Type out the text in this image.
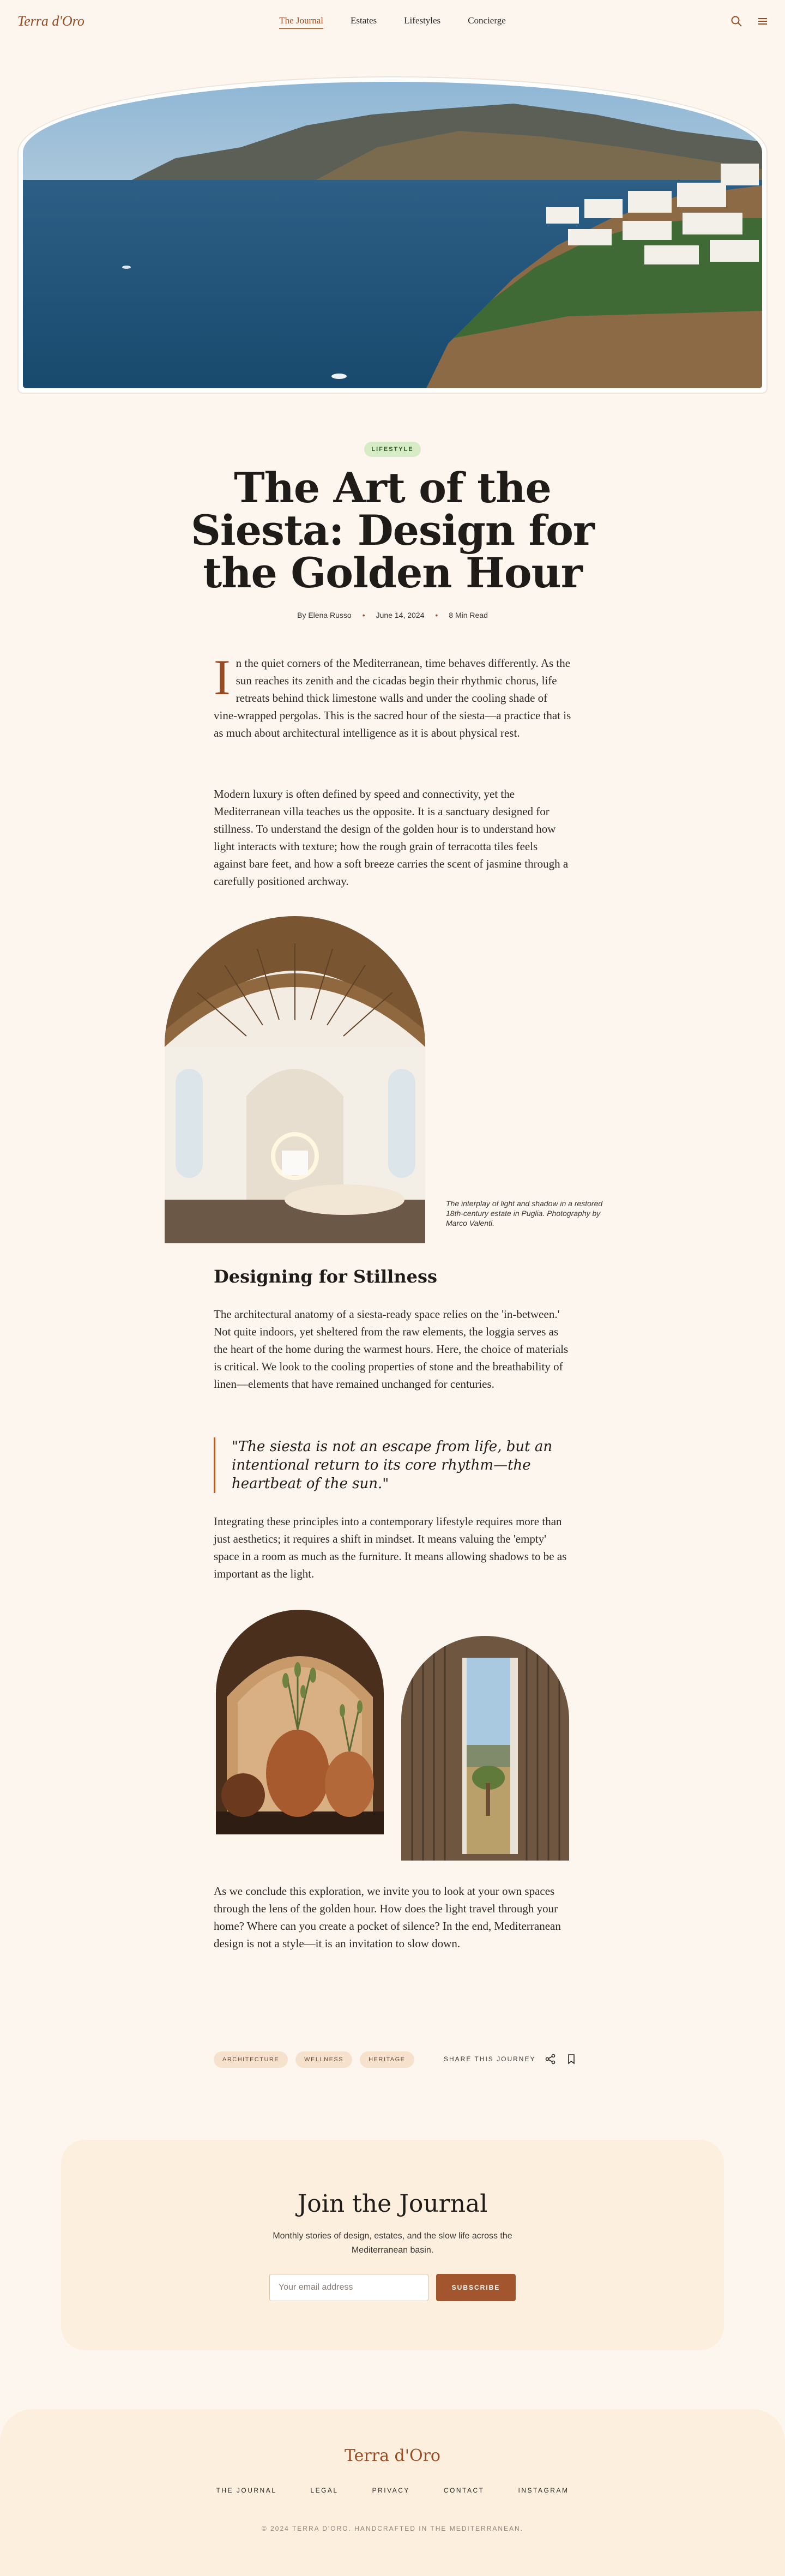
Terra d'Oro	The Journal	Estates	Lifestyles	Concierge
LIFESTYLE
The Art of the Siesta: Design for the Golden Hour
By Elena Russo • June 14, 2024 • 8 Min Read

In the quiet corners of the Mediterranean, time behaves differently. As the sun reaches its zenith and the cicadas begin their rhythmic chorus, life retreats behind thick limestone walls and under the cooling shade of vine-wrapped pergolas. This is the sacred hour of the siesta—a practice that is as much about architectural intelligence as it is about physical rest.

Modern luxury is often defined by speed and connectivity, yet the Mediterranean villa teaches us the opposite. It is a sanctuary designed for stillness. To understand the design of the golden hour is to understand how light interacts with texture; how the rough grain of terracotta tiles feels against bare feet, and how a soft breeze carries the scent of jasmine through a carefully positioned archway.

The interplay of light and shadow in a restored 18th-century estate in Puglia. Photography by Marco Valenti.
Designing for Stillness

The architectural anatomy of a siesta-ready space relies on the 'in-between.' Not quite indoors, yet sheltered from the raw elements, the loggia serves as the heart of the home during the warmest hours. Here, the choice of materials is critical. We look to the cooling properties of stone and the breathability of linen—elements that have remained unchanged for centuries.

"The siesta is not an escape from life, but an intentional return to its core rhythm—the heartbeat of the sun."

Integrating these principles into a contemporary lifestyle requires more than just aesthetics; it requires a shift in mindset. It means valuing the 'empty' space in a room as much as the furniture. It means allowing shadows to be as important as the light.

As we conclude this exploration, we invite you to look at your own spaces through the lens of the golden hour. How does the light travel through your home? Where can you create a pocket of silence? In the end, Mediterranean design is not a style—it is an invitation to slow down.

ARCHITECTURE	WELLNESS	HERITAGE	SHARE THIS JOURNEY
Join the Journal
Monthly stories of design, estates, and the slow life across the Mediterranean basin.
Your email address	SUBSCRIBE
Terra d'Oro
THE JOURNAL	LEGAL	PRIVACY	CONTACT	INSTAGRAM
© 2024 TERRA D'ORO. HANDCRAFTED IN THE MEDITERRANEAN.
